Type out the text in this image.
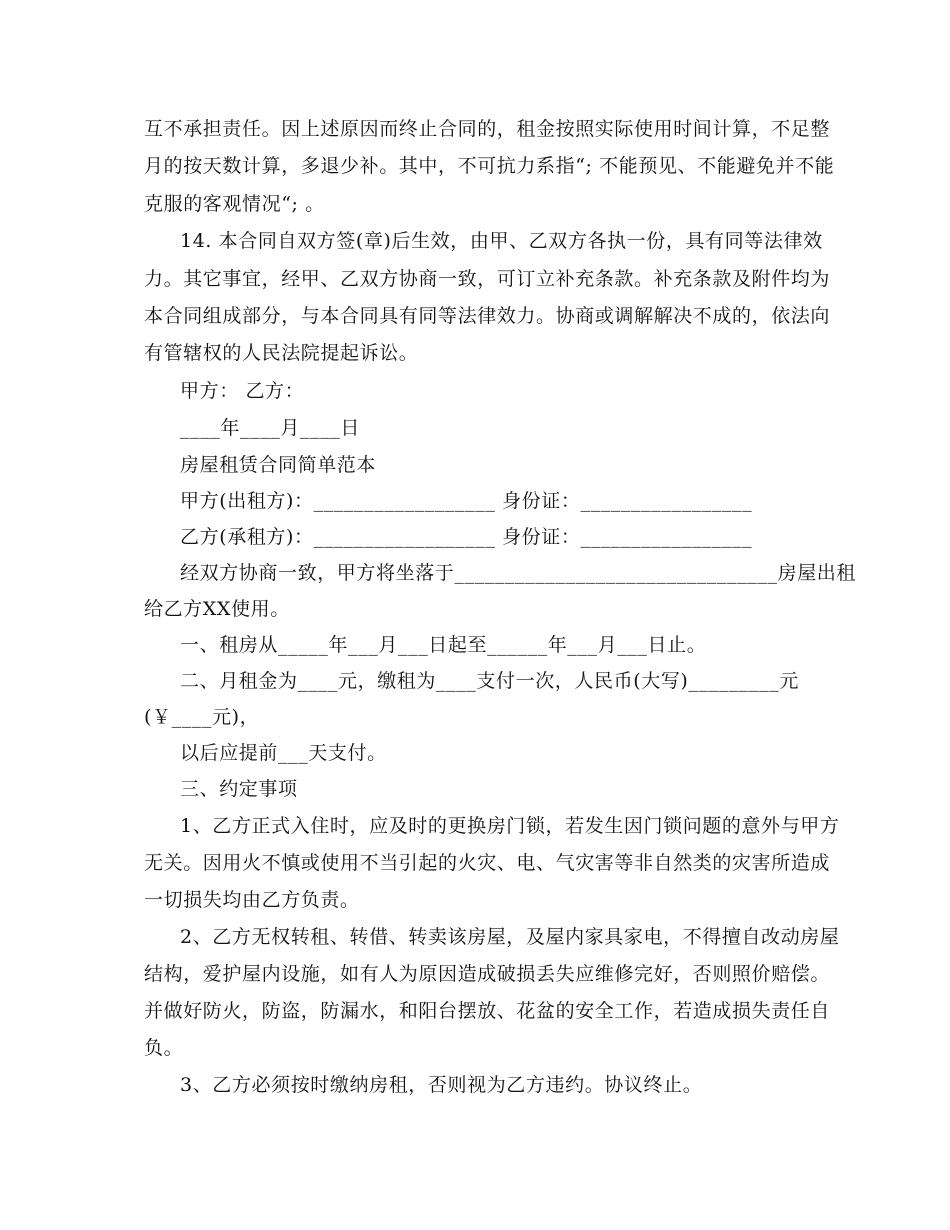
互不承担责任。因上述原因而终止合同的，租金按照实际使用时间计算，不足整
月的按天数计算，多退少补。其中，不可抗力系指“; 不能预见、不能避免并不能
克服的客观情况“; 。
14. 本合同自双方签(章)后生效，由甲、乙双方各执一份，具有同等法律效
力。其它事宜，经甲、乙双方协商一致，可订立补充条款。补充条款及附件均为
本合同组成部分，与本合同具有同等法律效力。协商或调解解决不成的，依法向
有管辖权的人民法院提起诉讼。
甲方： 乙方：
____年____月____日
房屋租赁合同简单范本
甲方(出租方)：__________________ 身份证：_________________
乙方(承租方)：__________________ 身份证：_________________
经双方协商一致，甲方将坐落于________________________________房屋出租
给乙方XX使用。
一、租房从_____年___月___日起至______年___月___日止。
二、月租金为____元，缴租为____支付一次，人民币(大写)_________元
(￥____元)，
以后应提前___天支付。
三、约定事项
1、乙方正式入住时，应及时的更换房门锁，若发生因门锁问题的意外与甲方
无关。因用火不慎或使用不当引起的火灾、电、气灾害等非自然类的灾害所造成
一切损失均由乙方负责。
2、乙方无权转租、转借、转卖该房屋，及屋内家具家电，不得擅自改动房屋
结构，爱护屋内设施，如有人为原因造成破损丢失应维修完好，否则照价赔偿。
并做好防火，防盗，防漏水，和阳台摆放、花盆的安全工作，若造成损失责任自
负。
3、乙方必须按时缴纳房租，否则视为乙方违约。协议终止。
